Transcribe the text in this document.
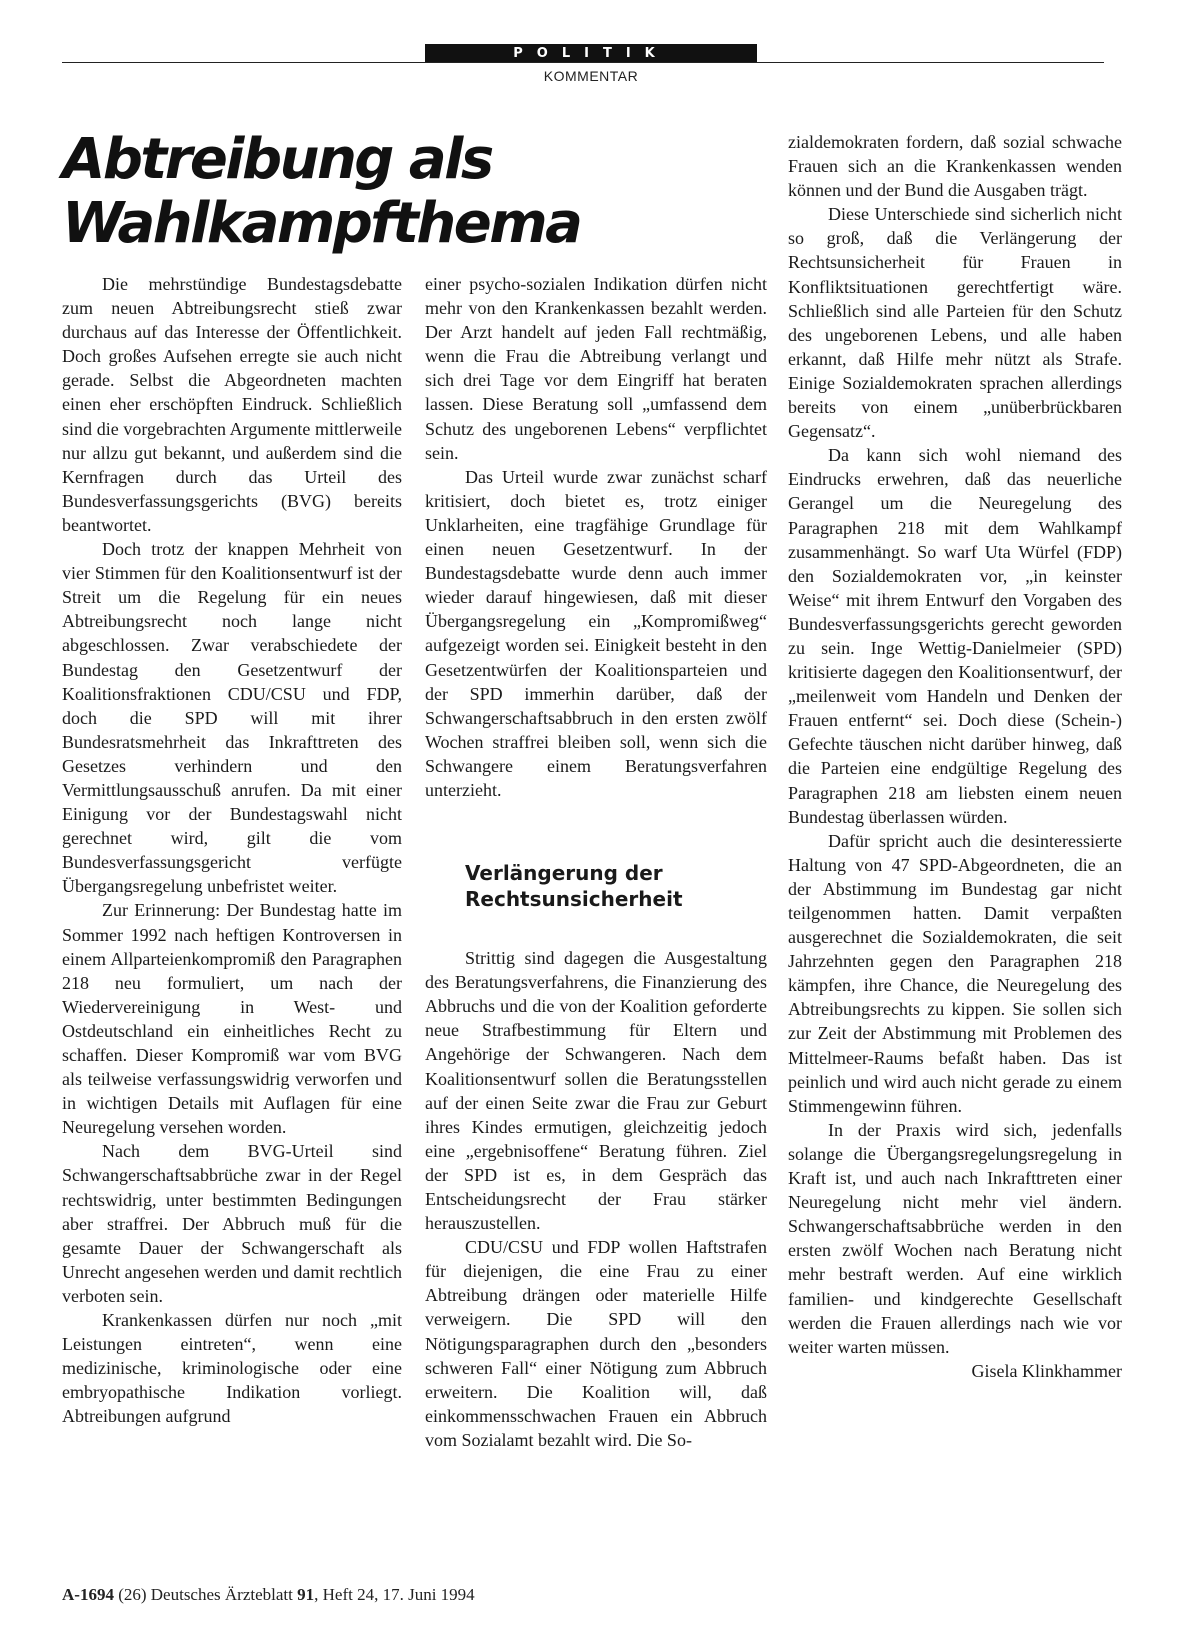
POLITIK
KOMMENTAR
Abtreibung als Wahlkampfthema

Die mehrstündige Bundestagsdebatte zum neuen Abtreibungsrecht stieß zwar durchaus auf das Interesse der Öffentlichkeit. Doch großes Aufsehen erregte sie auch nicht gerade. Selbst die Abgeordneten machten einen eher erschöpften Eindruck. Schließlich sind die vorgebrachten Argumente mittlerweile nur allzu gut bekannt, und außerdem sind die Kernfragen durch das Urteil des Bundesverfassungsgerichts (BVG) bereits beantwortet.

Doch trotz der knappen Mehrheit von vier Stimmen für den Koalitionsentwurf ist der Streit um die Regelung für ein neues Abtreibungsrecht noch lange nicht abgeschlossen. Zwar verabschiedete der Bundestag den Gesetzentwurf der Koalitionsfraktionen CDU/CSU und FDP, doch die SPD will mit ihrer Bundesratsmehrheit das Inkrafttreten des Gesetzes verhindern und den Vermittlungsausschuß anrufen. Da mit einer Einigung vor der Bundestagswahl nicht gerechnet wird, gilt die vom Bundesverfassungsgericht verfügte Übergangsregelung unbefristet weiter.

Zur Erinnerung: Der Bundestag hatte im Sommer 1992 nach heftigen Kontroversen in einem Allparteienkompromiß den Paragraphen 218 neu formuliert, um nach der Wiedervereinigung in West- und Ostdeutschland ein einheitliches Recht zu schaffen. Dieser Kompromiß war vom BVG als teilweise verfassungswidrig verworfen und in wichtigen Details mit Auflagen für eine Neuregelung versehen worden.

Nach dem BVG-Urteil sind Schwangerschaftsabbrüche zwar in der Regel rechtswidrig, unter bestimmten Bedingungen aber straffrei. Der Abbruch muß für die gesamte Dauer der Schwangerschaft als Unrecht angesehen werden und damit rechtlich verboten sein.

Krankenkassen dürfen nur noch „mit Leistungen eintreten“, wenn eine medizinische, kriminologische oder eine embryopathische Indikation vorliegt. Abtreibungen aufgrund

einer psycho-sozialen Indikation dürfen nicht mehr von den Krankenkassen bezahlt werden. Der Arzt handelt auf jeden Fall rechtmäßig, wenn die Frau die Abtreibung verlangt und sich drei Tage vor dem Eingriff hat beraten lassen. Diese Beratung soll „umfassend dem Schutz des ungeborenen Lebens“ verpflichtet sein.

Das Urteil wurde zwar zunächst scharf kritisiert, doch bietet es, trotz einiger Unklarheiten, eine tragfähige Grundlage für einen neuen Gesetzentwurf. In der Bundestagsdebatte wurde denn auch immer wieder darauf hingewiesen, daß mit dieser Übergangsregelung ein „Kompromißweg“ aufgezeigt worden sei. Einigkeit besteht in den Gesetzentwürfen der Koalitionsparteien und der SPD immerhin darüber, daß der Schwangerschaftsabbruch in den ersten zwölf Wochen straffrei bleiben soll, wenn sich die Schwangere einem Beratungsverfahren unterzieht.

Verlängerung der Rechtsunsicherheit

Strittig sind dagegen die Ausgestaltung des Beratungsverfahrens, die Finanzierung des Abbruchs und die von der Koalition geforderte neue Strafbestimmung für Eltern und Angehörige der Schwangeren. Nach dem Koalitionsentwurf sollen die Beratungsstellen auf der einen Seite zwar die Frau zur Geburt ihres Kindes ermutigen, gleichzeitig jedoch eine „ergebnisoffene“ Beratung führen. Ziel der SPD ist es, in dem Gespräch das Entscheidungsrecht der Frau stärker herauszustellen.

CDU/CSU und FDP wollen Haftstrafen für diejenigen, die eine Frau zu einer Abtreibung drängen oder materielle Hilfe verweigern. Die SPD will den Nötigungsparagraphen durch den „besonders schweren Fall“ einer Nötigung zum Abbruch erweitern. Die Koalition will, daß einkommensschwachen Frauen ein Abbruch vom Sozialamt bezahlt wird. Die So-

zialdemokraten fordern, daß sozial schwache Frauen sich an die Krankenkassen wenden können und der Bund die Ausgaben trägt.

Diese Unterschiede sind sicherlich nicht so groß, daß die Verlängerung der Rechtsunsicherheit für Frauen in Konfliktsituationen gerechtfertigt wäre. Schließlich sind alle Parteien für den Schutz des ungeborenen Lebens, und alle haben erkannt, daß Hilfe mehr nützt als Strafe. Einige Sozialdemokraten sprachen allerdings bereits von einem „unüberbrückbaren Gegensatz“.

Da kann sich wohl niemand des Eindrucks erwehren, daß das neuerliche Gerangel um die Neuregelung des Paragraphen 218 mit dem Wahlkampf zusammenhängt. So warf Uta Würfel (FDP) den Sozialdemokraten vor, „in keinster Weise“ mit ihrem Entwurf den Vorgaben des Bundesverfassungsgerichts gerecht geworden zu sein. Inge Wettig-Danielmeier (SPD) kritisierte dagegen den Koalitionsentwurf, der „meilenweit vom Handeln und Denken der Frauen entfernt“ sei. Doch diese (Schein-) Gefechte täuschen nicht darüber hinweg, daß die Parteien eine endgültige Regelung des Paragraphen 218 am liebsten einem neuen Bundestag überlassen würden.

Dafür spricht auch die desinteressierte Haltung von 47 SPD-Abgeordneten, die an der Abstimmung im Bundestag gar nicht teilgenommen hatten. Damit verpaßten ausgerechnet die Sozialdemokraten, die seit Jahrzehnten gegen den Paragraphen 218 kämpfen, ihre Chance, die Neuregelung des Abtreibungsrechts zu kippen. Sie sollen sich zur Zeit der Abstimmung mit Problemen des Mittelmeer-Raums befaßt haben. Das ist peinlich und wird auch nicht gerade zu einem Stimmengewinn führen.

In der Praxis wird sich, jedenfalls solange die Übergangsregelungsregelung in Kraft ist, und auch nach Inkrafttreten einer Neuregelung nicht mehr viel ändern. Schwangerschaftsabbrüche werden in den ersten zwölf Wochen nach Beratung nicht mehr bestraft werden. Auf eine wirklich familien- und kindgerechte Gesellschaft werden die Frauen allerdings nach wie vor weiter warten müssen.

Gisela Klinkhammer

A-1694 (26) Deutsches Ärzteblatt 91, Heft 24, 17. Juni 1994
